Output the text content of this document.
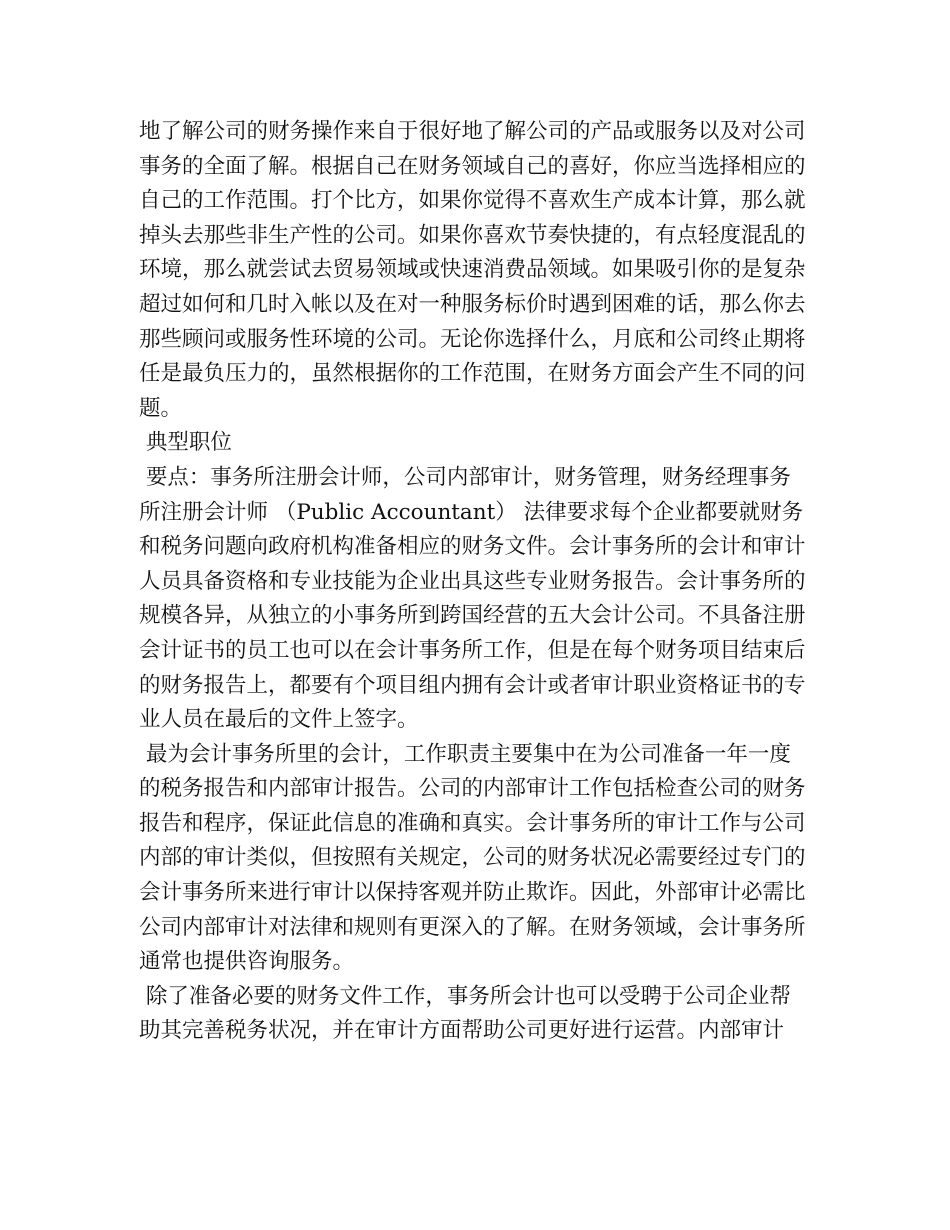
地了解公司的财务操作来自于很好地了解公司的产品或服务以及对公司
事务的全面了解。根据自己在财务领域自己的喜好，你应当选择相应的
自己的工作范围。打个比方，如果你觉得不喜欢生产成本计算，那么就
掉头去那些非生产性的公司。如果你喜欢节奏快捷的，有点轻度混乱的
环境，那么就尝试去贸易领域或快速消费品领域。如果吸引你的是复杂
超过如何和几时入帐以及在对一种服务标价时遇到困难的话，那么你去
那些顾问或服务性环境的公司。无论你选择什么，月底和公司终止期将
任是最负压力的，虽然根据你的工作范围，在财务方面会产生不同的问
题。
典型职位
要点：事务所注册会计师，公司内部审计，财务管理，财务经理事务
所注册会计师 （Public Accountant） 法律要求每个企业都要就财务
和税务问题向政府机构准备相应的财务文件。会计事务所的会计和审计
人员具备资格和专业技能为企业出具这些专业财务报告。会计事务所的
规模各异，从独立的小事务所到跨国经营的五大会计公司。不具备注册
会计证书的员工也可以在会计事务所工作，但是在每个财务项目结束后
的财务报告上，都要有个项目组内拥有会计或者审计职业资格证书的专
业人员在最后的文件上签字。
最为会计事务所里的会计，工作职责主要集中在为公司准备一年一度
的税务报告和内部审计报告。公司的内部审计工作包括检查公司的财务
报告和程序，保证此信息的准确和真实。会计事务所的审计工作与公司
内部的审计类似，但按照有关规定，公司的财务状况必需要经过专门的
会计事务所来进行审计以保持客观并防止欺诈。因此，外部审计必需比
公司内部审计对法律和规则有更深入的了解。在财务领域，会计事务所
通常也提供咨询服务。
除了准备必要的财务文件工作，事务所会计也可以受聘于公司企业帮
助其完善税务状况，并在审计方面帮助公司更好进行运营。内部审计
